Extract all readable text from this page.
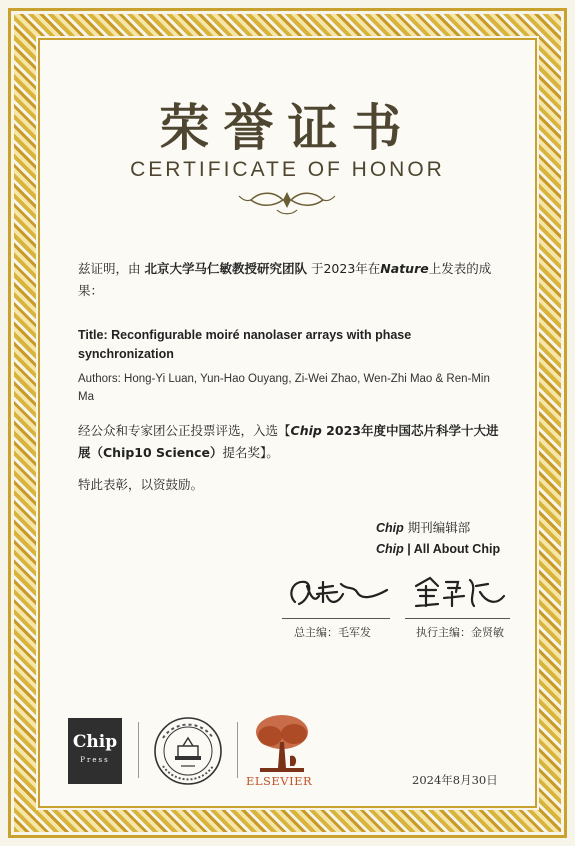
荣誉证书
CERTIFICATE OF HONOR
兹证明，由 北京大学马仁敏教授研究团队 于2023年在Nature上发表的成果：
Title: Reconfigurable moiré nanolaser arrays with phase synchronization
Authors: Hong-Yi Luan, Yun-Hao Ouyang, Zi-Wei Zhao, Wen-Zhi Mao & Ren-Min Ma
经公众和专家团公正投票评选，入选【Chip 2023年度中国芯片科学十大进展（Chip10 Science）提名奖】。
特此表彰，以资鼓励。
Chip 期刊编辑部
Chip | All About Chip
总主编：毛军发	执行主编：金贤敏
Chip
Press
ELSEVIER	2024年8月30日
